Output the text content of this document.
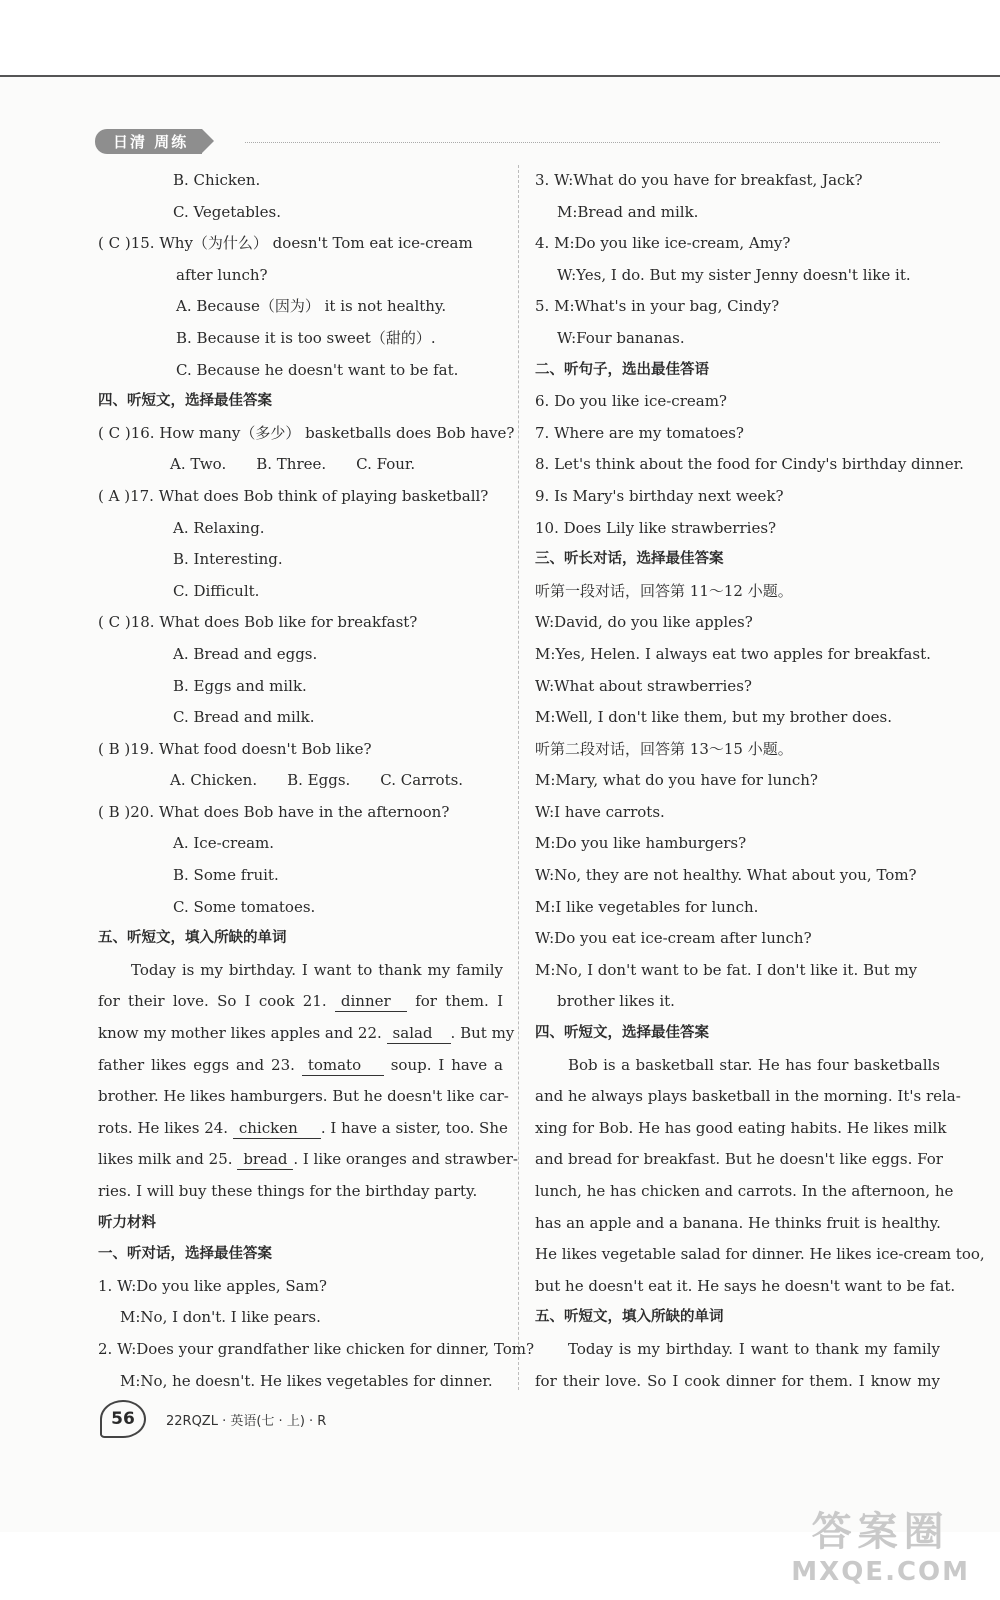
日清 周练
B. Chicken.
C. Vegetables.
( C )15. Why（为什么） doesn't Tom eat ice-cream
after lunch?
A. Because（因为） it is not healthy.
B. Because it is too sweet（甜的）.
C. Because he doesn't want to be fat.
四、听短文，选择最佳答案
( C )16. How many（多少） basketballs does Bob have?
A. Two. B. Three. C. Four.
( A )17. What does Bob think of playing basketball?
A. Relaxing.
B. Interesting.
C. Difficult.
( C )18. What does Bob like for breakfast?
A. Bread and eggs.
B. Eggs and milk.
C. Bread and milk.
( B )19. What food doesn't Bob like?
A. Chicken. B. Eggs. C. Carrots.
( B )20. What does Bob have in the afternoon?
A. Ice-cream.
B. Some fruit.
C. Some tomatoes.
五、听短文，填入所缺的单词
Today is my birthday. I want to thank my family
for their love. So I cook 21. dinner for them. I
know my mother likes apples and 22. salad . But my
father likes eggs and 23. tomato soup. I have a
brother. He likes hamburgers. But he doesn't like car-
rots. He likes 24. chicken . I have a sister, too. She
likes milk and 25. bread . I like oranges and strawber-
ries. I will buy these things for the birthday party.
听力材料
一、听对话，选择最佳答案
1. W:Do you like apples, Sam?
M:No, I don't. I like pears.
2. W:Does your grandfather like chicken for dinner, Tom?
M:No, he doesn't. He likes vegetables for dinner.
3. W:What do you have for breakfast, Jack?
M:Bread and milk.
4. M:Do you like ice-cream, Amy?
W:Yes, I do. But my sister Jenny doesn't like it.
5. M:What's in your bag, Cindy?
W:Four bananas.
二、听句子，选出最佳答语
6. Do you like ice-cream?
7. Where are my tomatoes?
8. Let's think about the food for Cindy's birthday dinner.
9. Is Mary's birthday next week?
10. Does Lily like strawberries?
三、听长对话，选择最佳答案
听第一段对话，回答第 11～12 小题。
W:David, do you like apples?
M:Yes, Helen. I always eat two apples for breakfast.
W:What about strawberries?
M:Well, I don't like them, but my brother does.
听第二段对话，回答第 13～15 小题。
M:Mary, what do you have for lunch?
W:I have carrots.
M:Do you like hamburgers?
W:No, they are not healthy. What about you, Tom?
M:I like vegetables for lunch.
W:Do you eat ice-cream after lunch?
M:No, I don't want to be fat. I don't like it. But my
brother likes it.
四、听短文，选择最佳答案
Bob is a basketball star. He has four basketballs
and he always plays basketball in the morning. It's rela-
xing for Bob. He has good eating habits. He likes milk
and bread for breakfast. But he doesn't like eggs. For
lunch, he has chicken and carrots. In the afternoon, he
has an apple and a banana. He thinks fruit is healthy.
He likes vegetable salad for dinner. He likes ice-cream too,
but he doesn't eat it. He says he doesn't want to be fat.
五、听短文，填入所缺的单词
Today is my birthday. I want to thank my family
for their love. So I cook dinner for them. I know my
56	22RQZL · 英语(七 · 上) · R
答案圈
MXQE.COM
